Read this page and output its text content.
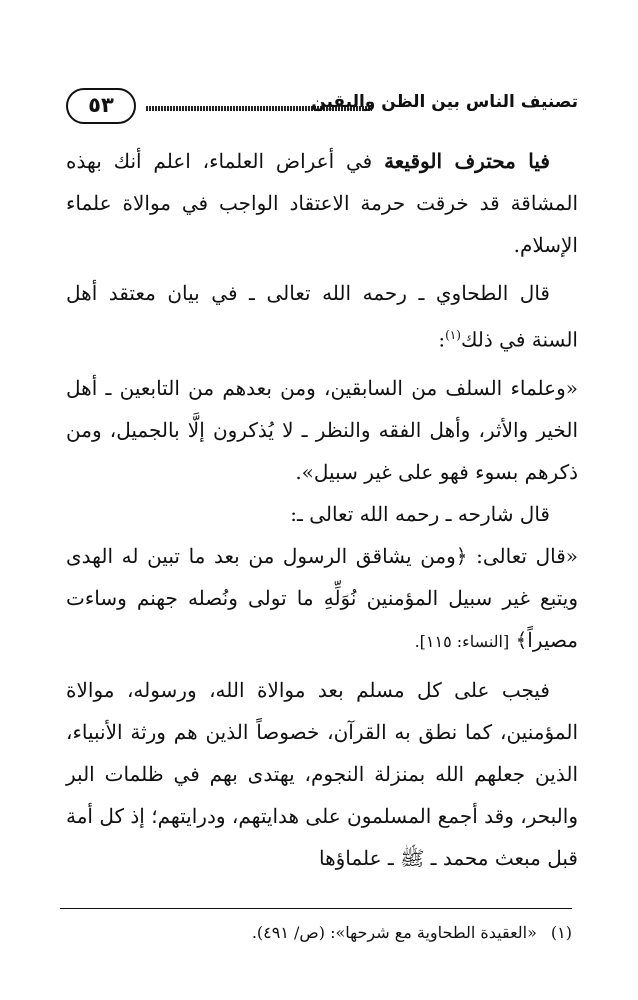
٥٣	تصنيف الناس بين الظن واليقين

فيا محترف الوقيعة في أعراض العلماء، اعلم أنك بهذه المشاقة قد خرقت حرمة الاعتقاد الواجب في موالاة علماء الإسلام.

قال الطحاوي ـ رحمه الله تعالى ـ في بيان معتقد أهل السنة في ذلك$^{(١)}$:

«وعلماء السلف من السابقين، ومن بعدهم من التابعين ـ أهل الخير والأثر، وأهل الفقه والنظر ـ لا يُذكرون إلَّا بالجميل، ومن ذكرهم بسوء فهو على غير سبيل».

قال شارحه ـ رحمه الله تعالى ـ:

«قال تعالى: ﴿ومن يشاقق الرسول من بعد ما تبين له الهدى ويتبع غير سبيل المؤمنين نُوَلِّهِ ما تولى ونُصله جهنم وساءت مصيراً﴾ [النساء: ١١٥].

فيجب على كل مسلم بعد موالاة الله، ورسوله، موالاة المؤمنين، كما نطق به القرآن، خصوصاً الذين هم ورثة الأنبياء، الذين جعلهم الله بمنزلة النجوم، يهتدى بهم في ظلمات البر والبحر، وقد أجمع المسلمون على هدايتهم، ودرايتهم؛ إذ كل أمة قبل مبعث محمد ـ ﷺ ـ علماؤها

(١)«العقيدة الطحاوية مع شرحها»: (ص/ ٤٩١).
